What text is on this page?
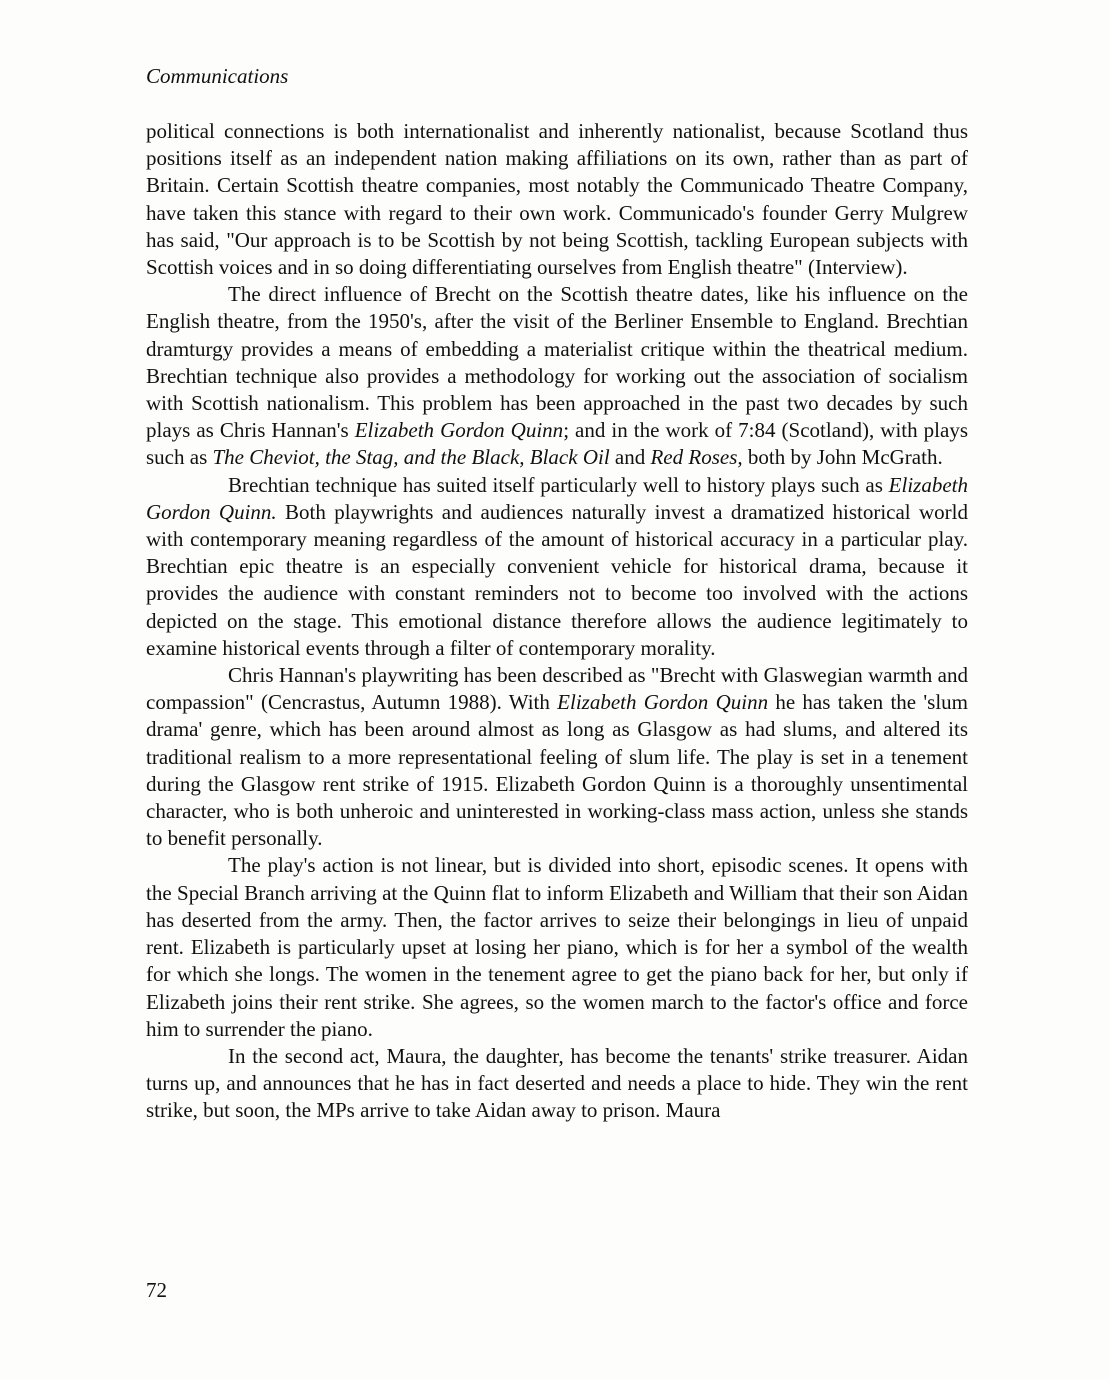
Communications

political connections is both internationalist and inherently nationalist, because Scotland thus positions itself as an independent nation making affiliations on its own, rather than as part of Britain. Certain Scottish theatre companies, most notably the Communicado Theatre Company, have taken this stance with regard to their own work. Communicado's founder Gerry Mulgrew has said, "Our approach is to be Scottish by not being Scottish, tackling European subjects with Scottish voices and in so doing differentiating ourselves from English theatre" (Interview).

The direct influence of Brecht on the Scottish theatre dates, like his influence on the English theatre, from the 1950's, after the visit of the Berliner Ensemble to England. Brechtian dramturgy provides a means of embedding a materialist critique within the theatrical medium. Brechtian technique also provides a methodology for working out the association of socialism with Scottish nationalism. This problem has been approached in the past two decades by such plays as Chris Hannan's Elizabeth Gordon Quinn; and in the work of 7:84 (Scotland), with plays such as The Cheviot, the Stag, and the Black, Black Oil and Red Roses, both by John McGrath.

Brechtian technique has suited itself particularly well to history plays such as Elizabeth Gordon Quinn. Both playwrights and audiences naturally invest a dramatized historical world with contemporary meaning regardless of the amount of historical accuracy in a particular play. Brechtian epic theatre is an especially convenient vehicle for historical drama, because it provides the audience with constant reminders not to become too involved with the actions depicted on the stage. This emotional distance therefore allows the audience legitimately to examine historical events through a filter of contemporary morality.

Chris Hannan's playwriting has been described as "Brecht with Glaswegian warmth and compassion" (Cencrastus, Autumn 1988). With Elizabeth Gordon Quinn he has taken the 'slum drama' genre, which has been around almost as long as Glasgow as had slums, and altered its traditional realism to a more representational feeling of slum life. The play is set in a tenement during the Glasgow rent strike of 1915. Elizabeth Gordon Quinn is a thoroughly unsentimental character, who is both unheroic and uninterested in working-class mass action, unless she stands to benefit personally.

The play's action is not linear, but is divided into short, episodic scenes. It opens with the Special Branch arriving at the Quinn flat to inform Elizabeth and William that their son Aidan has deserted from the army. Then, the factor arrives to seize their belongings in lieu of unpaid rent. Elizabeth is particularly upset at losing her piano, which is for her a symbol of the wealth for which she longs. The women in the tenement agree to get the piano back for her, but only if Elizabeth joins their rent strike. She agrees, so the women march to the factor's office and force him to surrender the piano.

In the second act, Maura, the daughter, has become the tenants' strike treasurer. Aidan turns up, and announces that he has in fact deserted and needs a place to hide. They win the rent strike, but soon, the MPs arrive to take Aidan away to prison. Maura

72
